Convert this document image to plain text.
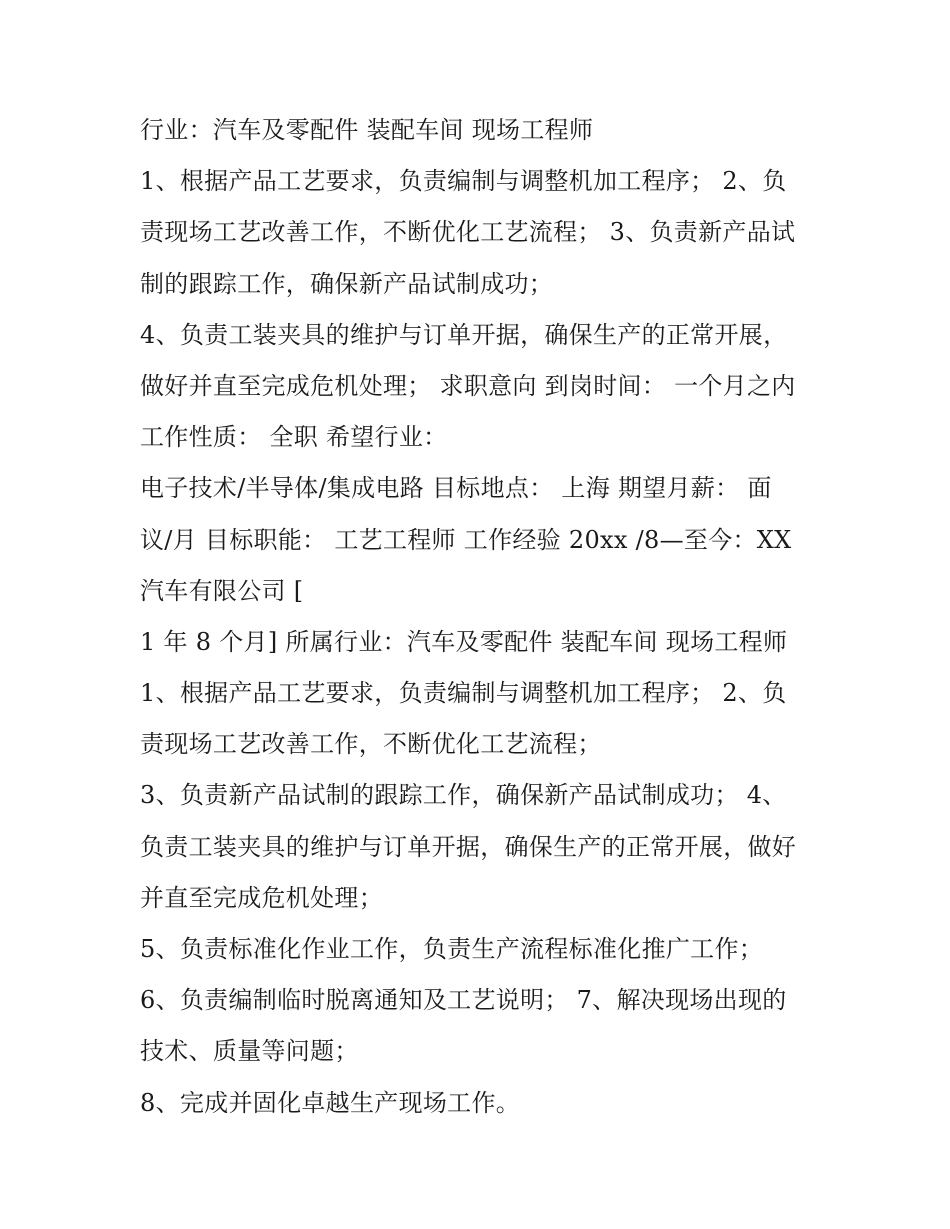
行业：汽车及零配件 装配车间 现场工程师
1、根据产品工艺要求，负责编制与调整机加工程序； 2、负
责现场工艺改善工作，不断优化工艺流程； 3、负责新产品试
制的跟踪工作，确保新产品试制成功；
4、负责工装夹具的维护与订单开据，确保生产的正常开展，
做好并直至完成危机处理； 求职意向 到岗时间： 一个月之内
工作性质： 全职 希望行业：
电子技术/半导体/集成电路 目标地点： 上海 期望月薪： 面
议/月 目标职能： 工艺工程师 工作经验 20xx /8—至今：XX
汽车有限公司 [
1 年 8 个月] 所属行业：汽车及零配件 装配车间 现场工程师
1、根据产品工艺要求，负责编制与调整机加工程序； 2、负
责现场工艺改善工作，不断优化工艺流程；
3、负责新产品试制的跟踪工作，确保新产品试制成功； 4、
负责工装夹具的维护与订单开据，确保生产的正常开展，做好
并直至完成危机处理；
5、负责标准化作业工作，负责生产流程标准化推广工作；
6、负责编制临时脱离通知及工艺说明； 7、解决现场出现的
技术、质量等问题；
8、完成并固化卓越生产现场工作。
